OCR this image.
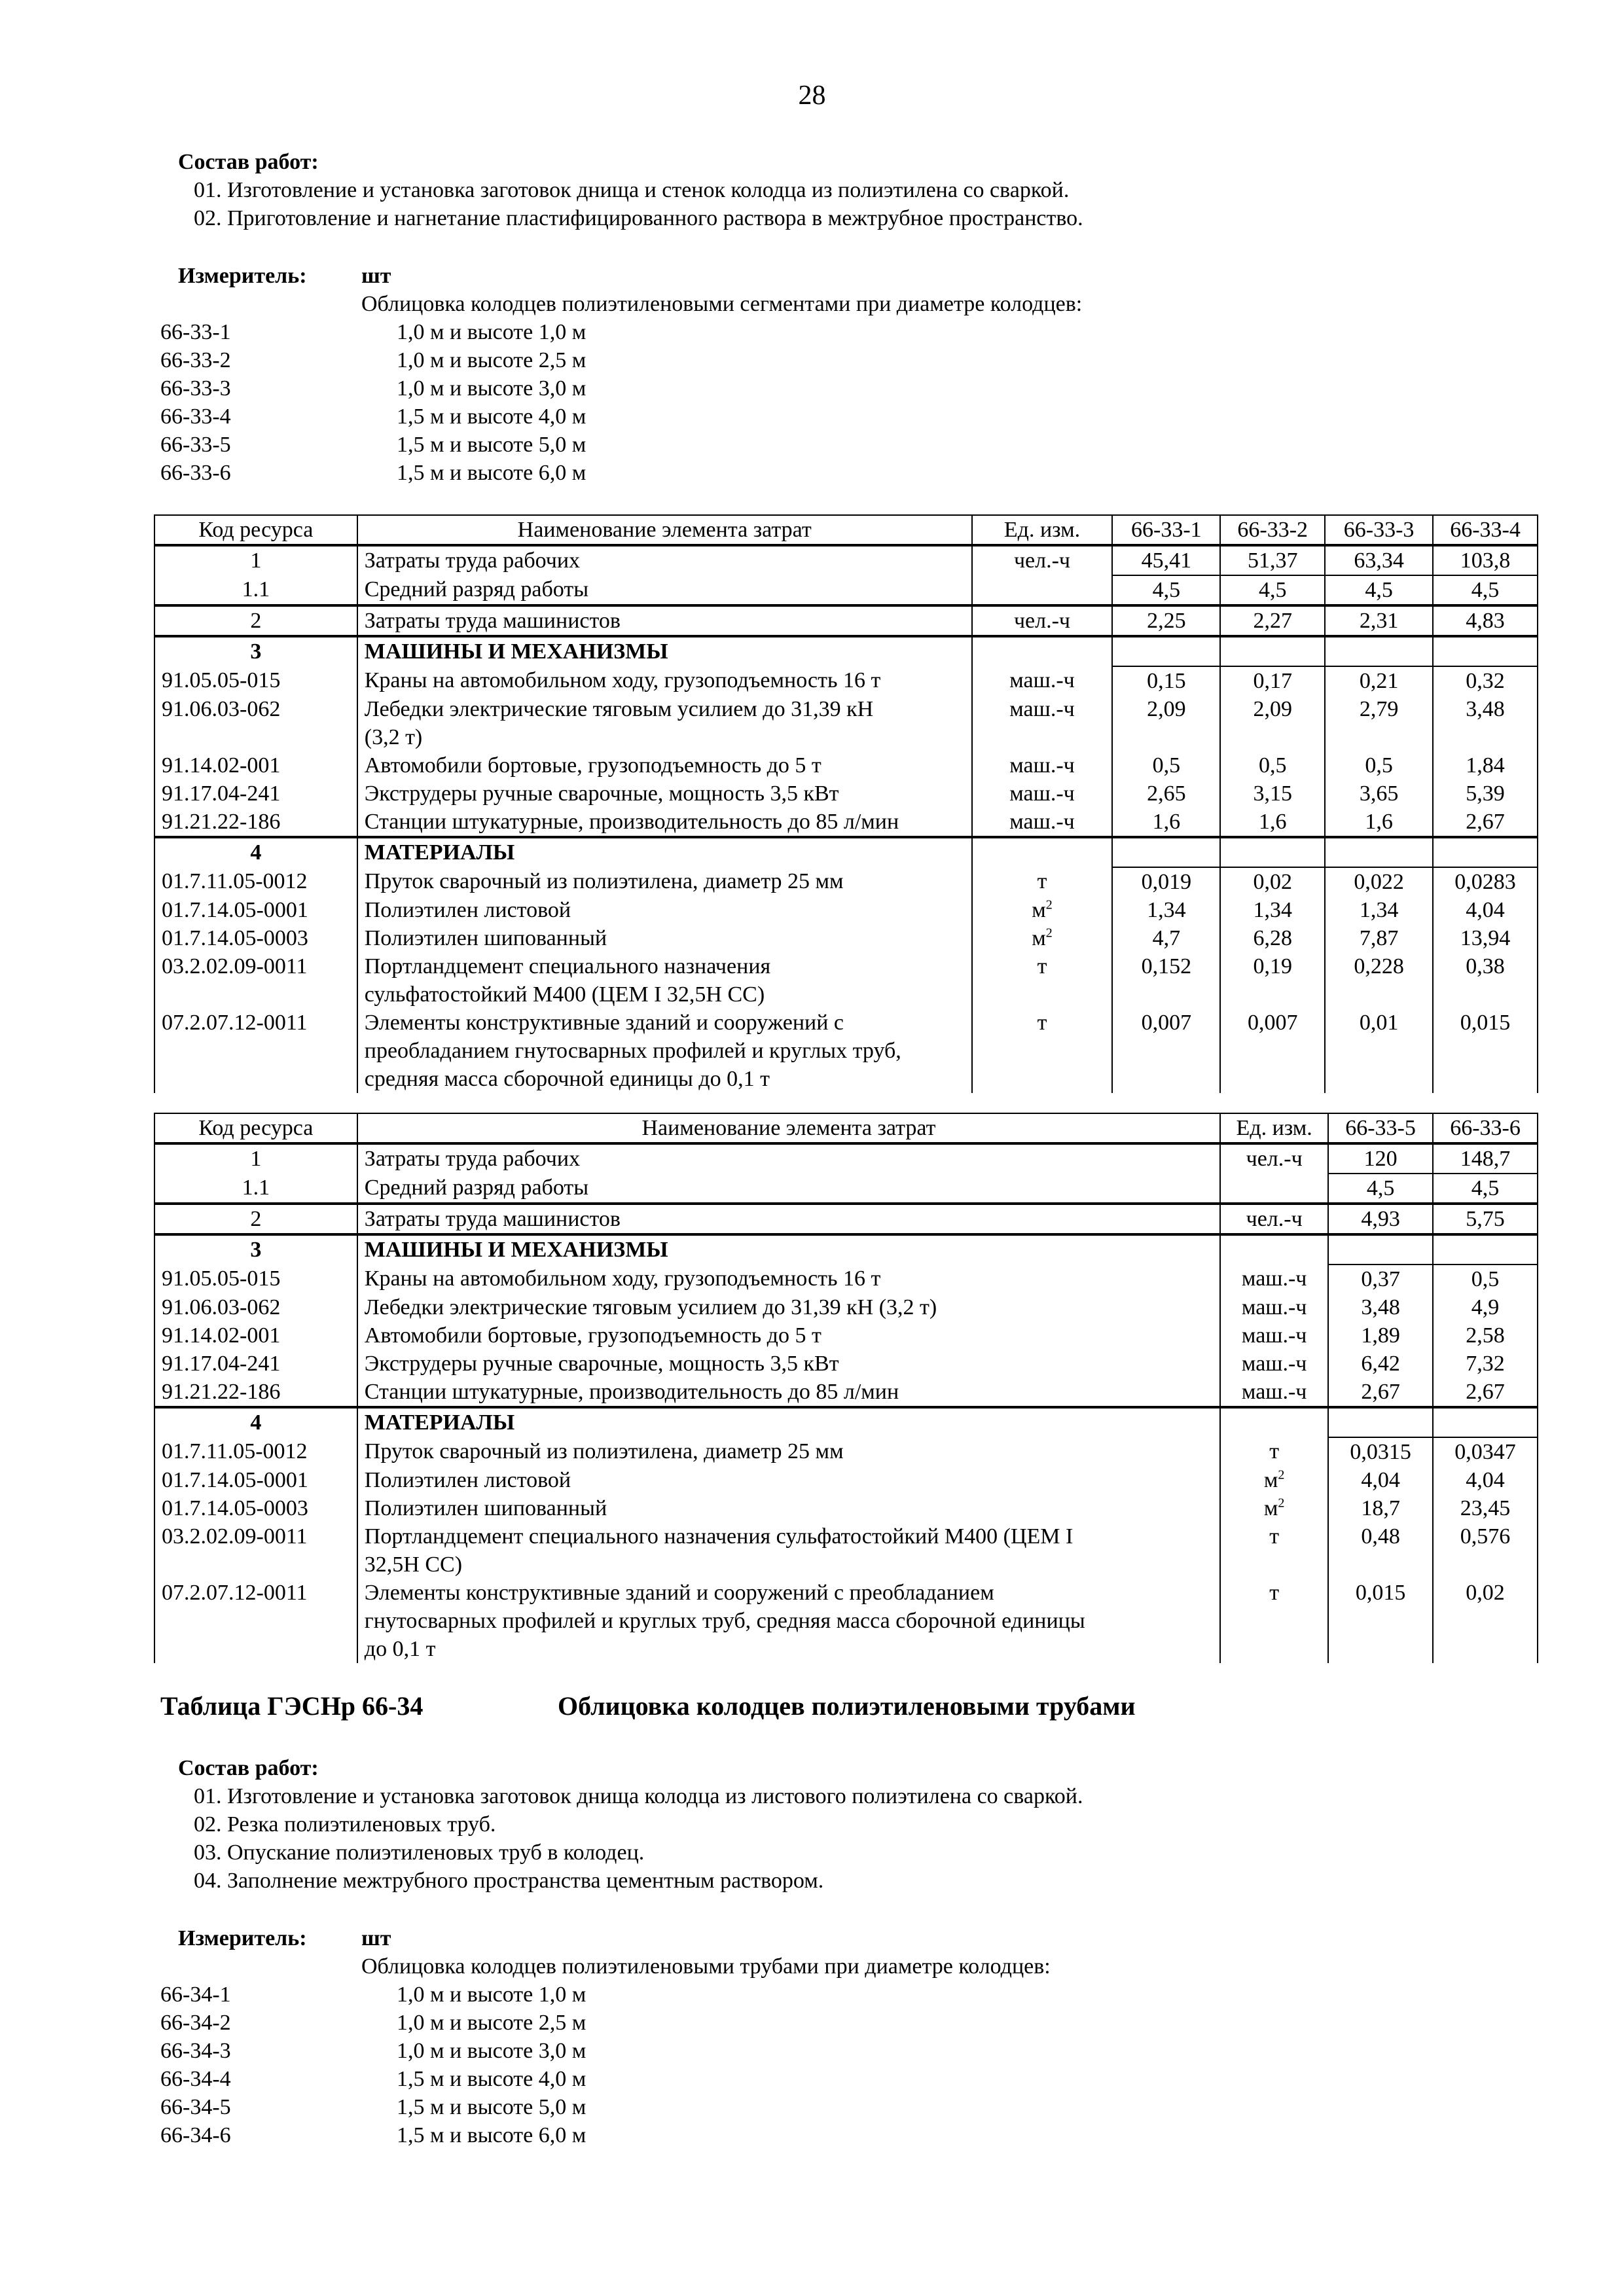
28
Состав работ:
01. Изготовление и установка заготовок днища и стенок колодца из полиэтилена со сваркой.
02. Приготовление и нагнетание пластифицированного раствора в межтрубное пространство.
Измеритель: шт
Облицовка колодцев полиэтиленовыми сегментами при диаметре колодцев:
66-33-1	1,0 м и высоте 1,0 м
66-33-2	1,0 м и высоте 2,5 м
66-33-3	1,0 м и высоте 3,0 м
66-33-4	1,5 м и высоте 4,0 м
66-33-5	1,5 м и высоте 5,0 м
66-33-6	1,5 м и высоте 6,0 м
Код ресурса	Наименование элемента затрат	Ед. изм.	66-33-1	66-33-2	66-33-3	66-33-4
1	Затраты труда рабочих	чел.-ч	45,41	51,37	63,34	103,8
1.1	Средний разряд работы		4,5	4,5	4,5	4,5
2	Затраты труда машинистов	чел.-ч	2,25	2,27	2,31	4,83
3	МАШИНЫ И МЕХАНИЗМЫ					

91.05.05-015	Краны на автомобильном ходу, грузоподъемность 16 т	маш.-ч	0,15	0,17	0,21	0,32
91.06.03-062	Лебедки электрические тяговым усилием до 31,39 кН
(3,2 т)	маш.-ч	2,09	2,09	2,79	3,48
91.14.02-001	Автомобили бортовые, грузоподъемность до 5 т	маш.-ч	0,5	0,5	0,5	1,84
91.17.04-241	Экструдеры ручные сварочные, мощность 3,5 кВт	маш.-ч	2,65	3,15	3,65	5,39
91.21.22-186	Станции штукатурные, производительность до 85 л/мин	маш.-ч	1,6	1,6	1,6	2,67
4	МАТЕРИАЛЫ					

01.7.11.05-0012	Пруток сварочный из полиэтилена, диаметр 25 мм	т	0,019	0,02	0,022	0,0283
01.7.14.05-0001	Полиэтилен листовой	$м^2$	1,34	1,34	1,34	4,04
01.7.14.05-0003	Полиэтилен шипованный	$м^2$	4,7	6,28	7,87	13,94
03.2.02.09-0011	Портландцемент специального назначения
сульфатостойкий М400 (ЦЕМ I 32,5Н СС)	т	0,152	0,19	0,228	0,38
07.2.07.12-0011	Элементы конструктивные зданий и сооружений с
преобладанием гнутосварных профилей и круглых труб,
средняя масса сборочной единицы до 0,1 т	т	0,007	0,007	0,01	0,015
Код ресурса	Наименование элемента затрат	Ед. изм.	66-33-5	66-33-6
1	Затраты труда рабочих	чел.-ч	120	148,7
1.1	Средний разряд работы		4,5	4,5
2	Затраты труда машинистов	чел.-ч	4,93	5,75
3	МАШИНЫ И МЕХАНИЗМЫ			

91.05.05-015	Краны на автомобильном ходу, грузоподъемность 16 т	маш.-ч	0,37	0,5
91.06.03-062	Лебедки электрические тяговым усилием до 31,39 кН (3,2 т)	маш.-ч	3,48	4,9
91.14.02-001	Автомобили бортовые, грузоподъемность до 5 т	маш.-ч	1,89	2,58
91.17.04-241	Экструдеры ручные сварочные, мощность 3,5 кВт	маш.-ч	6,42	7,32
91.21.22-186	Станции штукатурные, производительность до 85 л/мин	маш.-ч	2,67	2,67
4	МАТЕРИАЛЫ			

01.7.11.05-0012	Пруток сварочный из полиэтилена, диаметр 25 мм	т	0,0315	0,0347
01.7.14.05-0001	Полиэтилен листовой	$м^2$	4,04	4,04
01.7.14.05-0003	Полиэтилен шипованный	$м^2$	18,7	23,45
03.2.02.09-0011	Портландцемент специального назначения сульфатостойкий М400 (ЦЕМ I
32,5Н СС)	т	0,48	0,576
07.2.07.12-0011	Элементы конструктивные зданий и сооружений с преобладанием
гнутосварных профилей и круглых труб, средняя масса сборочной единицы
до 0,1 т	т	0,015	0,02
Таблица ГЭСНр 66-34	Облицовка колодцев полиэтиленовыми трубами
Состав работ:
01. Изготовление и установка заготовок днища колодца из листового полиэтилена со сваркой.
02. Резка полиэтиленовых труб.
03. Опускание полиэтиленовых труб в колодец.
04. Заполнение межтрубного пространства цементным раствором.
Измеритель: шт
Облицовка колодцев полиэтиленовыми трубами при диаметре колодцев:
66-34-1	1,0 м и высоте 1,0 м
66-34-2	1,0 м и высоте 2,5 м
66-34-3	1,0 м и высоте 3,0 м
66-34-4	1,5 м и высоте 4,0 м
66-34-5	1,5 м и высоте 5,0 м
66-34-6	1,5 м и высоте 6,0 м
